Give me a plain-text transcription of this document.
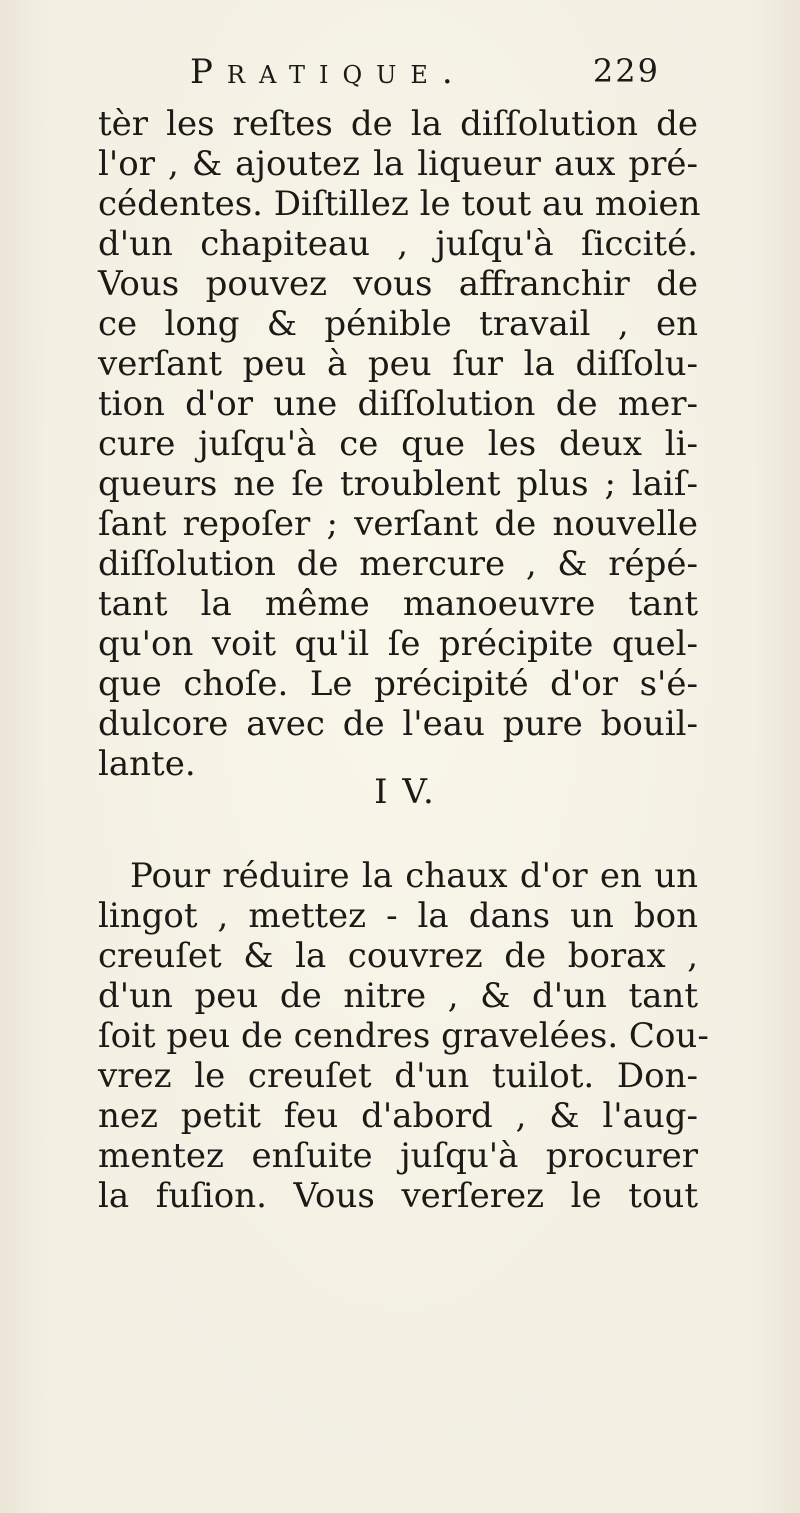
Pratique.	229
tèr les reſtes de la diſſolution de
l'or , & ajoutez la liqueur aux pré-
cédentes. Diſtillez le tout au moien
d'un chapiteau , juſqu'à ſiccité.
Vous pouvez vous affranchir de
ce long & pénible travail , en
verſant peu à peu ſur la diſſolu-
tion d'or une diſſolution de mer-
cure juſqu'à ce que les deux li-
queurs ne ſe troublent plus ; laiſ-
ſant repoſer ; verſant de nouvelle
diſſolution de mercure , & répé-
tant la même manoeuvre tant
qu'on voit qu'il ſe précipite quel-
que choſe. Le précipité d'or s'é-
dulcore avec de l'eau pure bouil-
lante.
I V.
Pour réduire la chaux d'or en un
lingot , mettez - la dans un bon
creuſet & la couvrez de borax ,
d'un peu de nitre , & d'un tant
ſoit peu de cendres gravelées. Cou-
vrez le creuſet d'un tuilot. Don-
nez petit feu d'abord , & l'aug-
mentez enſuite juſqu'à procurer
la fuſion. Vous verſerez le tout
